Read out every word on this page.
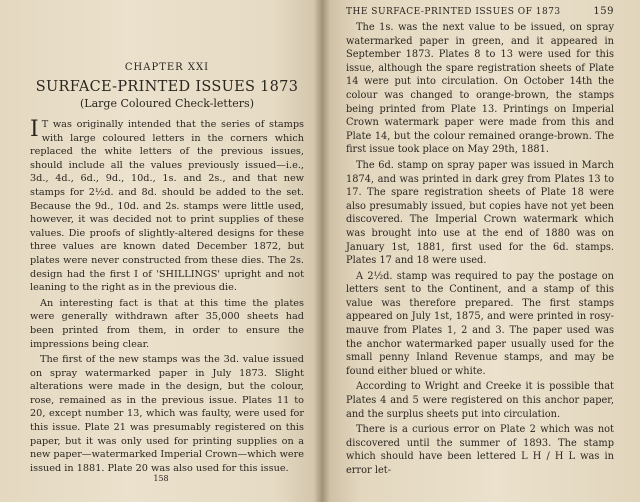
CHAPTER XXI
SURFACE-PRINTED ISSUES 1873
(Large Coloured Check-letters)

I T was originally intended that the series of stamps with large coloured letters in the corners which replaced the white letters of the previous issues, should include all the values previously issued—i.e., 3d., 4d., 6d., 9d., 10d., 1s. and 2s., and that new stamps for 2½d. and 8d. should be added to the set. Because the 9d., 10d. and 2s. stamps were little used, however, it was decided not to print supplies of these values. Die proofs of slightly-altered designs for these three values are known dated December 1872, but plates were never constructed from these dies. The 2s. design had the first I of 'SHILLINGS' upright and not leaning to the right as in the previous die.

An interesting fact is that at this time the plates were generally withdrawn after 35,000 sheets had been printed from them, in order to ensure the impressions being clear.

The first of the new stamps was the 3d. value issued on spray watermarked paper in July 1873. Slight alterations were made in the design, but the colour, rose, remained as in the previous issue. Plates 11 to 20, except number 13, which was faulty, were used for this issue. Plate 21 was presumably registered on this paper, but it was only used for printing supplies on a new paper—watermarked Imperial Crown—which were issued in 1881. Plate 20 was also used for this issue.

158
THE SURFACE-PRINTED ISSUES OF 1873	159

The 1s. was the next value to be issued, on spray watermarked paper in green, and it appeared in September 1873. Plates 8 to 13 were used for this issue, although the spare registration sheets of Plate 14 were put into circulation. On October 14th the colour was changed to orange-brown, the stamps being printed from Plate 13. Printings on Imperial Crown watermark paper were made from this and Plate 14, but the colour remained orange-brown. The first issue took place on May 29th, 1881.

The 6d. stamp on spray paper was issued in March 1874, and was printed in dark grey from Plates 13 to 17. The spare registration sheets of Plate 18 were also presumably issued, but copies have not yet been discovered. The Imperial Crown watermark which was brought into use at the end of 1880 was on January 1st, 1881, first used for the 6d. stamps. Plates 17 and 18 were used.

A 2½d. stamp was required to pay the postage on letters sent to the Continent, and a stamp of this value was therefore prepared. The first stamps appeared on July 1st, 1875, and were printed in rosy-mauve from Plates 1, 2 and 3. The paper used was the anchor watermarked paper usually used for the small penny Inland Revenue stamps, and may be found either blued or white.

According to Wright and Creeke it is possible that Plates 4 and 5 were registered on this anchor paper, and the surplus sheets put into circulation.

There is a curious error on Plate 2 which was not discovered until the summer of 1893. The stamp which should have been lettered L H / H L was in error let-
